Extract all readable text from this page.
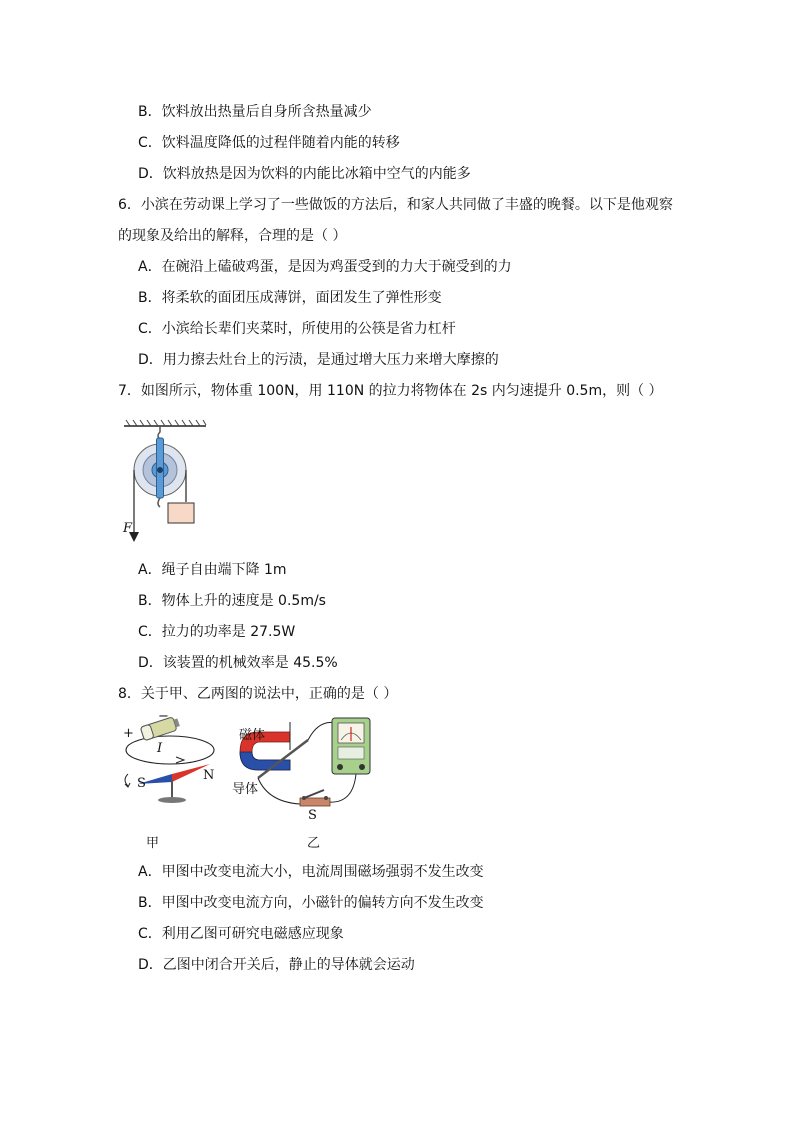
B．饮料放出热量后自身所含热量减少
C．饮料温度降低的过程伴随着内能的转移
D．饮料放热是因为饮料的内能比冰箱中空气的内能多
6．小滨在劳动课上学习了一些做饭的方法后，和家人共同做了丰盛的晚餐。以下是他观察
的现象及给出的解释，合理的是（ ）
A．在碗沿上磕破鸡蛋，是因为鸡蛋受到的力大于碗受到的力
B．将柔软的面团压成薄饼，面团发生了弹性形变
C．小滨给长辈们夹菜时，所使用的公筷是省力杠杆
D．用力擦去灶台上的污渍，是通过增大压力来增大摩擦的
7．如图所示，物体重 100N，用 110N 的拉力将物体在 2s 内匀速提升 0.5m，则（ ）
F
A．绳子自由端下降 1m
B．物体上升的速度是 0.5m/s
C．拉力的功率是 27.5W
D．该装置的机械效率是 45.5%
8．关于甲、乙两图的说法中，正确的是（ ）
+
−
I
S
N
甲
磁体
导体
S
乙
A．甲图中改变电流大小，电流周围磁场强弱不发生改变
B．甲图中改变电流方向，小磁针的偏转方向不发生改变
C．利用乙图可研究电磁感应现象
D．乙图中闭合开关后，静止的导体就会运动
